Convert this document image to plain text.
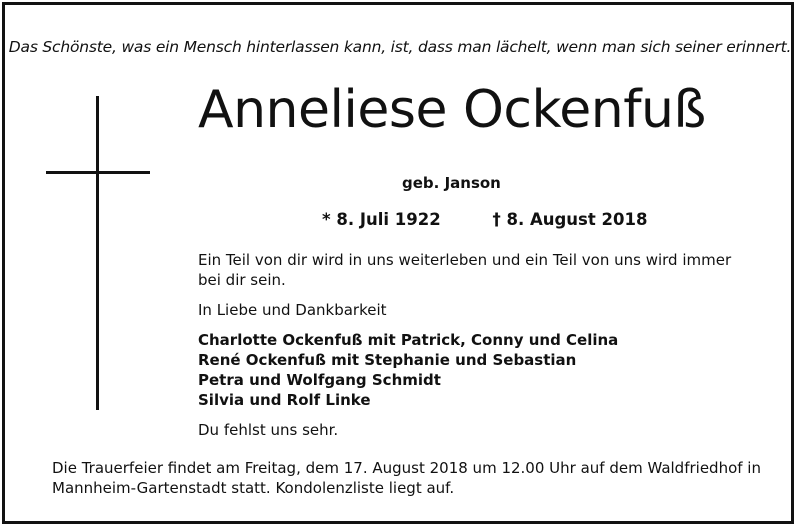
Das Schönste, was ein Mensch hinterlassen kann, ist, dass man lächelt, wenn man sich seiner erinnert.
Anneliese Ockenfuß
geb. Janson
* 8. Juli 1922	† 8. August 2018
Ein Teil von dir wird in uns weiterleben und ein Teil von uns wird immer bei dir sein.
In Liebe und Dankbarkeit
Charlotte Ockenfuß mit Patrick, Conny und Celina
René Ockenfuß mit Stephanie und Sebastian
Petra und Wolfgang Schmidt
Silvia und Rolf Linke
Du fehlst uns sehr.
Die Trauerfeier findet am Freitag, dem 17. August 2018 um 12.00 Uhr auf dem Waldfriedhof in Mannheim-Gartenstadt statt. Kondolenzliste liegt auf.
